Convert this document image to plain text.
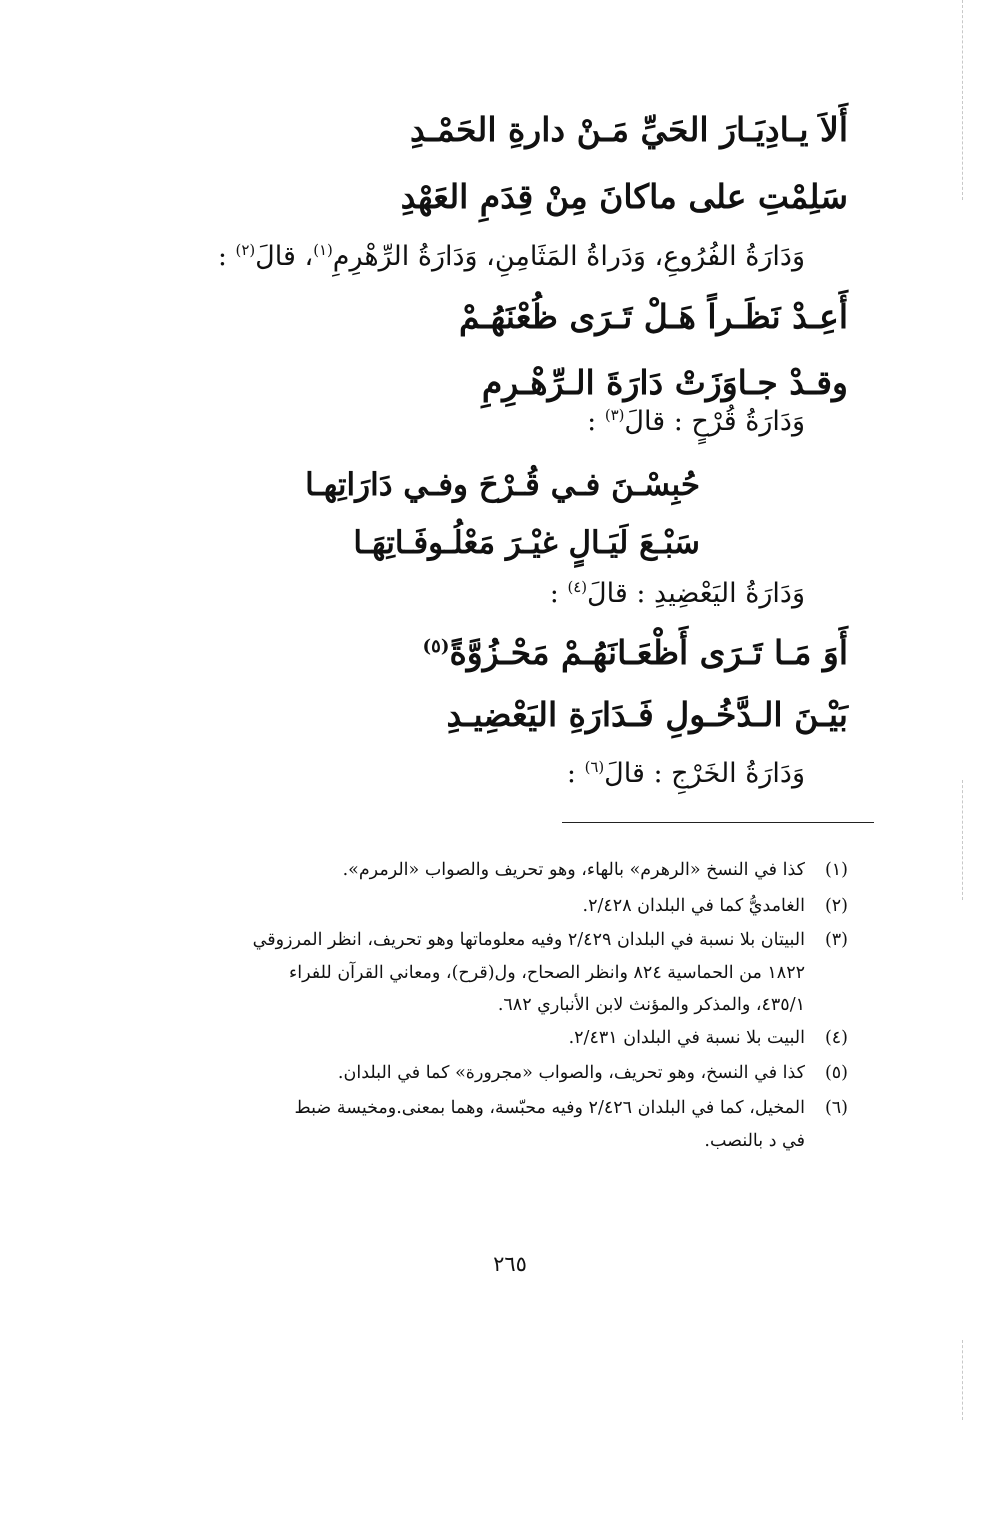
أَلاَ يـادِيَـارَ الحَيِّ مَـنْ دارةِ الحَمْـدِ
سَلِمْتِ على ماكانَ مِنْ قِدَمِ العَهْدِ
وَدَارَةُ الفُرُوعِ، وَدَراةُ المَثَامِنِ، وَدَارَةُ الرِّهْرِمِ$^{(١)}$، قالَ$^{(٢)}$ :
أَعِـدْ نَظَـراً هَـلْ تَـرَى ظُعْنَهُـمْ
وقـدْ جـاوَزَتْ دَارَةَ الـرِّهْـرِمِ
وَدَارَةُ قُرْحٍ : قالَ$^{(٣)}$ :
حُبِسْـنَ فـي قُـرْحَ وفـي دَارَاتِهـا
سَبْـعَ لَيَـالٍ غيْـرَ مَعْلُـوفَـاتِهَـا
وَدَارَةُ اليَعْضِيدِ : قالَ$^{(٤)}$ :
أَوَ مَـا تَـرَى أَظْعَـانَهُـمْ مَحْـزُوَّةً$^{(٥)}$
بَيْـنَ الـدَّخُـولِ فَـدَارَةِ اليَعْضِيـدِ
وَدَارَةُ الخَرْجِ : قالَ$^{(٦)}$ :
(١)
كذا في النسخ «الرهرم» بالهاء، وهو تحريف والصواب «الرمرم».
(٢)
الغامديُّ كما في البلدان ٢/٤٢٨.
(٣)
البيتان بلا نسبة في البلدان ٢/٤٢٩ وفيه معلوماتها وهو تحريف، انظر المرزوقي
١٨٢٢ من الحماسية ٨٢٤ وانظر الصحاح، ول(قرح)، ومعاني القرآن للفراء
٤٣٥/١، والمذكر والمؤنث لابن الأنباري ٦٨٢.
(٤)
البيت بلا نسبة في البلدان ٢/٤٣١.
(٥)
كذا في النسخ، وهو تحريف، والصواب «مجرورة» كما في البلدان.
(٦)
المخيل، كما في البلدان ٢/٤٢٦ وفيه محبّسة، وهما بمعنى.ومخيسة ضبط
في د بالنصب.
٢٦٥
